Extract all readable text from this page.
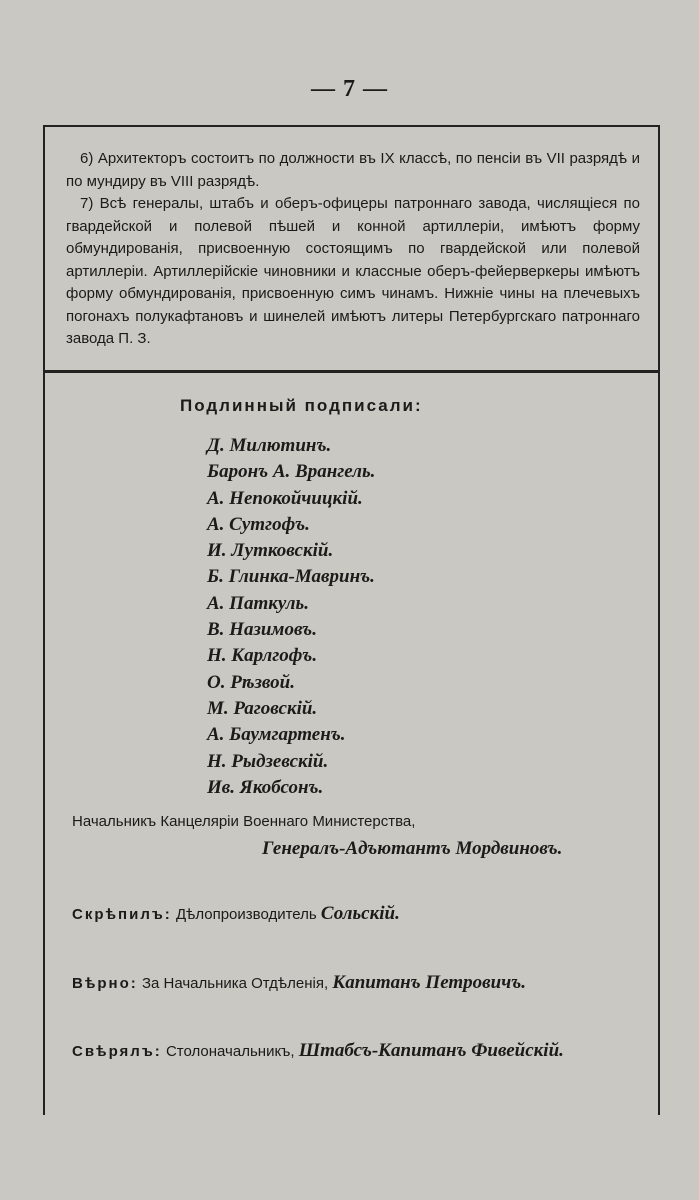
— 7 —

6) Архитекторъ состоитъ по должности въ IX классѣ, по пенсіи въ VII разрядѣ и по мундиру въ VIII разрядѣ.

7) Всѣ генералы, штабъ и оберъ-офицеры патроннаго завода, числящіеся по гвардейской и полевой пѣшей и конной артиллеріи, имѣютъ форму обмундированія, присвоенную состоящимъ по гвардейской или полевой артиллеріи. Артиллерійскіе чиновники и классные оберъ-фейерверкеры имѣютъ форму обмундированія, присвоенную симъ чинамъ. Нижніе чины на плечевыхъ погонахъ полукафтановъ и шинелей имѣютъ литеры Петербургскаго патроннаго завода П. З.

Подлинный подписали:
Д. Милютинъ.
Баронъ А. Врангель.
А. Непокойчицкій.
А. Сутгофъ.
И. Лутковскій.
Б. Глинка-Мавринъ.
А. Паткуль.
В. Назимовъ.
Н. Карлгофъ.
О. Рѣзвой.
М. Раговскій.
А. Баумгартенъ.
Н. Рыдзевскій.
Ив. Якобсонъ.
Начальникъ Канцеляріи Военнаго Министерства,
Генералъ-Адъютантъ Мордвиновъ.
Скрѣпилъ: Дѣлопроизводитель Сольскій.
Вѣрно: За Начальника Отдѣленія, Капитанъ Петровичъ.
Свѣрялъ: Столоначальникъ, Штабсъ-Капитанъ Фивейскій.
